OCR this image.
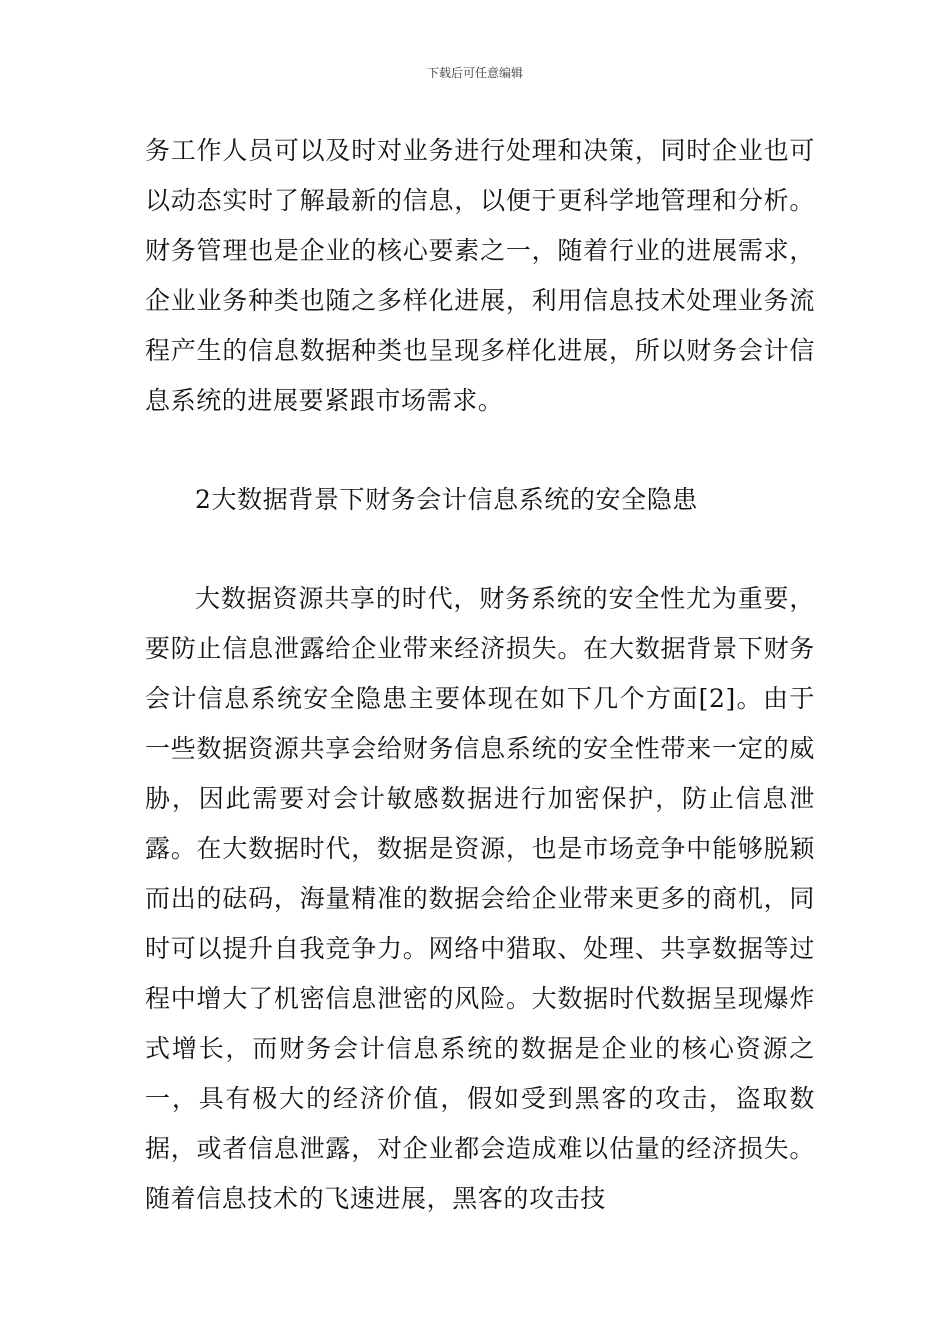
下载后可任意编辑

务工作人员可以及时对业务进行处理和决策，同时企业也可以动态实时了解最新的信息，以便于更科学地管理和分析。财务管理也是企业的核心要素之一，随着行业的进展需求，企业业务种类也随之多样化进展，利用信息技术处理业务流程产生的信息数据种类也呈现多样化进展，所以财务会计信息系统的进展要紧跟市场需求。

2大数据背景下财务会计信息系统的安全隐患

大数据资源共享的时代，财务系统的安全性尤为重要，要防止信息泄露给企业带来经济损失。在大数据背景下财务会计信息系统安全隐患主要体现在如下几个方面[2]。由于一些数据资源共享会给财务信息系统的安全性带来一定的威胁，因此需要对会计敏感数据进行加密保护，防止信息泄露。在大数据时代，数据是资源，也是市场竞争中能够脱颖而出的砝码，海量精准的数据会给企业带来更多的商机，同时可以提升自我竞争力。网络中猎取、处理、共享数据等过程中增大了机密信息泄密的风险。大数据时代数据呈现爆炸式增长，而财务会计信息系统的数据是企业的核心资源之一，具有极大的经济价值，假如受到黑客的攻击，盗取数据，或者信息泄露，对企业都会造成难以估量的经济损失。随着信息技术的飞速进展，黑客的攻击技
